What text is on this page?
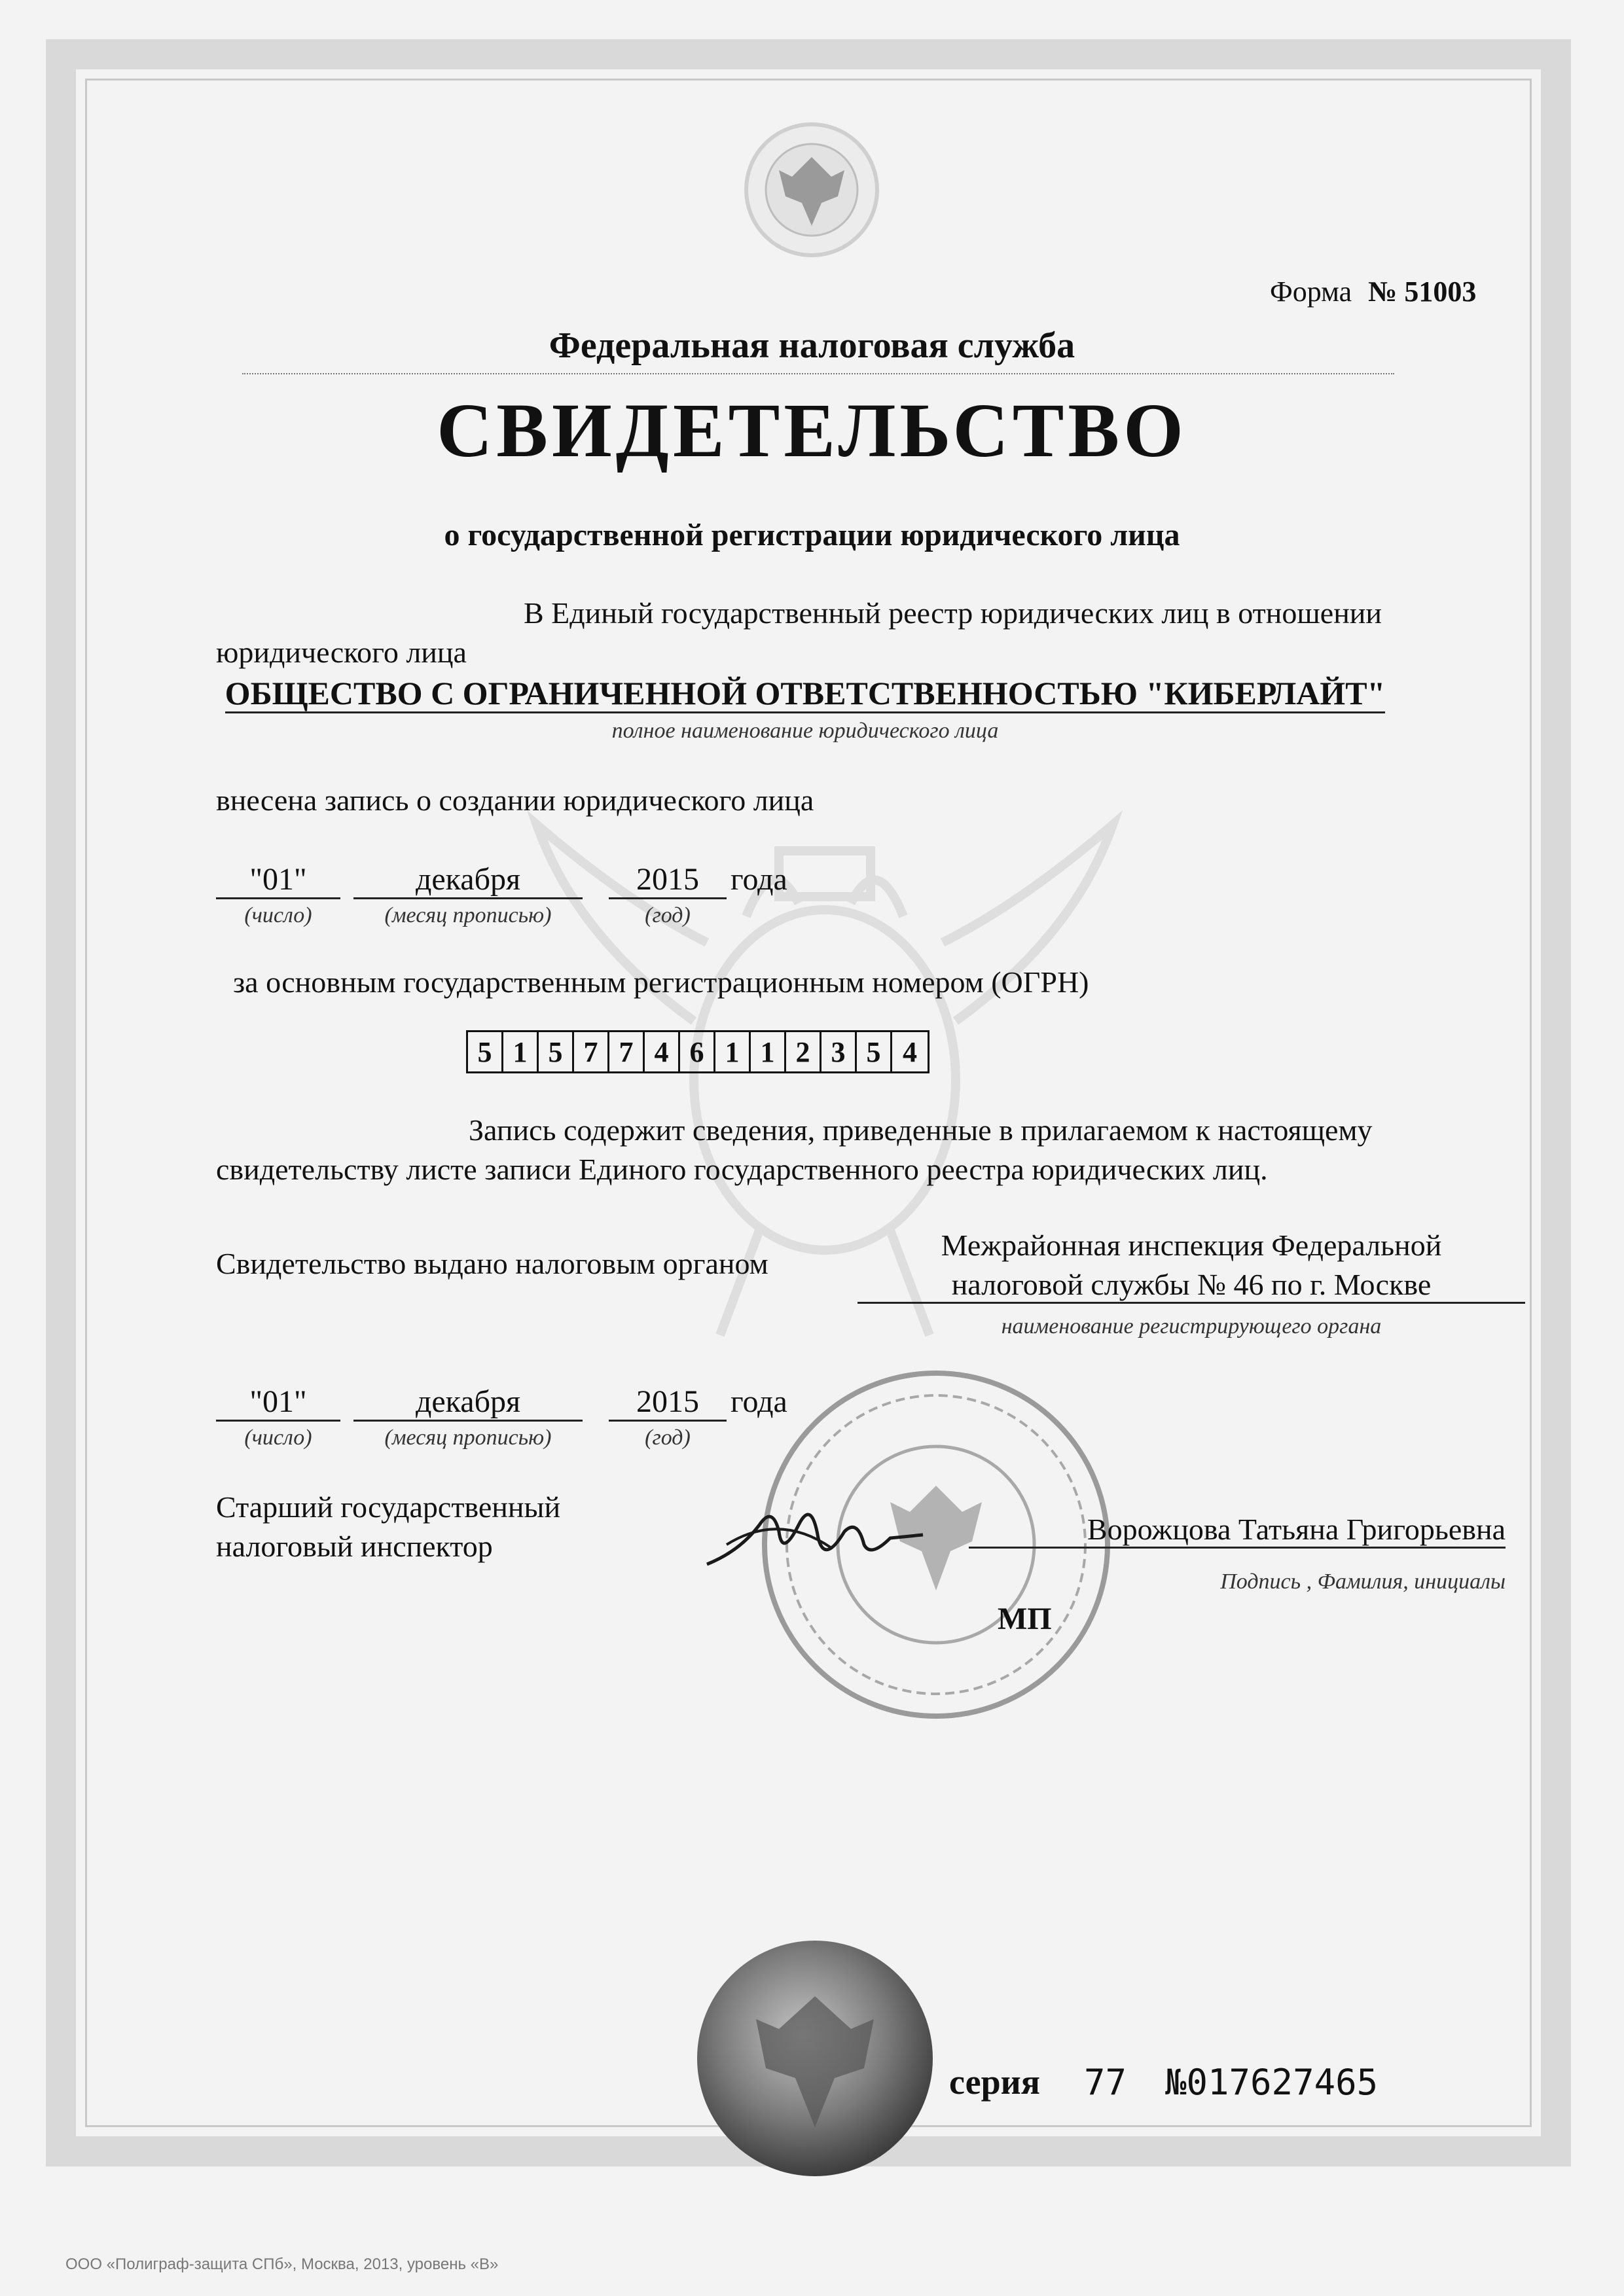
Форма № 51003
Федеральная налоговая служба
СВИДЕТЕЛЬСТВО
о государственной регистрации юридического лица
В Единый государственный реестр юридических лиц в отношении
юридического лица
ОБЩЕСТВО С ОГРАНИЧЕННОЙ ОТВЕТСТВЕННОСТЬЮ "КИБЕРЛАЙТ"
полное наименование юридического лица
внесена запись о создании юридического лица
"01"	декабря	2015	года
(число)	(месяц прописью)	(год)
за основным государственным регистрационным номером (ОГРН)
5 1 5 7 7 4 6 1 1 2 3 5 4
Запись содержит сведения, приведенные в прилагаемом к настоящему
свидетельству листе записи Единого государственного реестра юридических лиц.
Свидетельство выдано налоговым органом
Межрайонная инспекция Федеральной
налоговой службы № 46 по г. Москве
наименование регистрирующего органа
"01"	декабря	2015	года
(число)	(месяц прописью)	(год)
Старший государственный
налоговый инспектор
Ворожцова Татьяна Григорьевна
Подпись , Фамилия, инициалы
МП
серия 77 №017627465
ООО «Полиграф-защита СПб», Москва, 2013, уровень «В»
